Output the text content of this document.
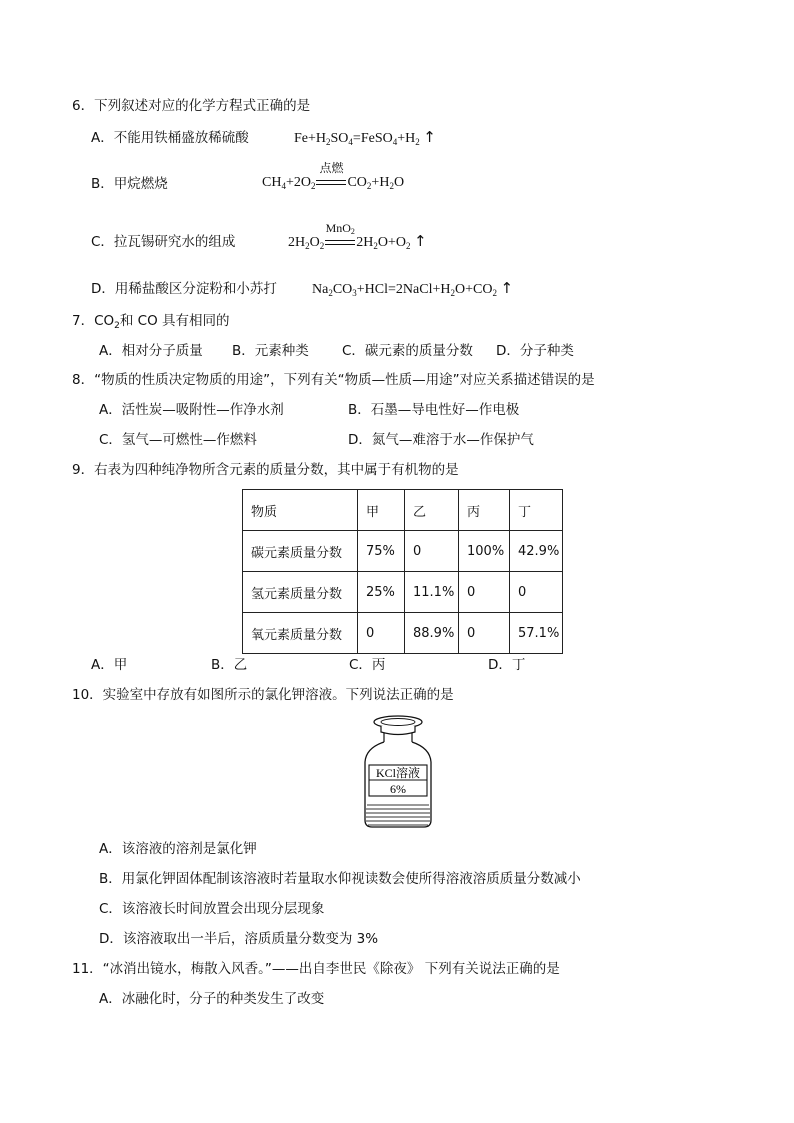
6．下列叙述对应的化学方程式正确的是
A．不能用铁桶盛放稀硫酸	$Fe+H_2SO_4=FeSO_4+H_2$ ↑
B．甲烷燃烧	$CH_4+2O_2$
点燃
$CO_2+H_2O$
C．拉瓦锡研究水的组成	$2H_2O_2$
MnO$_2$
$2H_2O+O_2$ ↑
D．用稀盐酸区分淀粉和小苏打	$Na_2CO_3+HCl=2NaCl+H_2O+CO_2$ ↑
7．$CO_2$和 CO 具有相同的
A．相对分子质量 B．元素种类 C．碳元素的质量分数 D．分子种类
8．“物质的性质决定物质的用途”，下列有关“物质—性质—用途”对应关系描述错误的是
A．活性炭—吸附性—作净水剂	B．石墨—导电性好—作电极
C．氢气—可燃性—作燃料	D．氮气—难溶于水—作保护气
9．右表为四种纯净物所含元素的质量分数，其中属于有机物的是
物质	甲	乙	丙	丁
碳元素质量分数	75%	0	100%	42.9%
氢元素质量分数	25%	11.1%	0	0
氧元素质量分数	0	88.9%	0	57.1%
A．甲	B．乙	C．丙	D．丁
10．实验室中存放有如图所示的氯化钾溶液。下列说法正确的是
KCl溶液
6%
A．该溶液的溶剂是氯化钾
B．用氯化钾固体配制该溶液时若量取水仰视读数会使所得溶液溶质质量分数减小
C．该溶液长时间放置会出现分层现象
D．该溶液取出一半后，溶质质量分数变为 3%
11．“冰消出镜水，梅散入风香。”——出自李世民《除夜》 下列有关说法正确的是
A．冰融化时，分子的种类发生了改变
